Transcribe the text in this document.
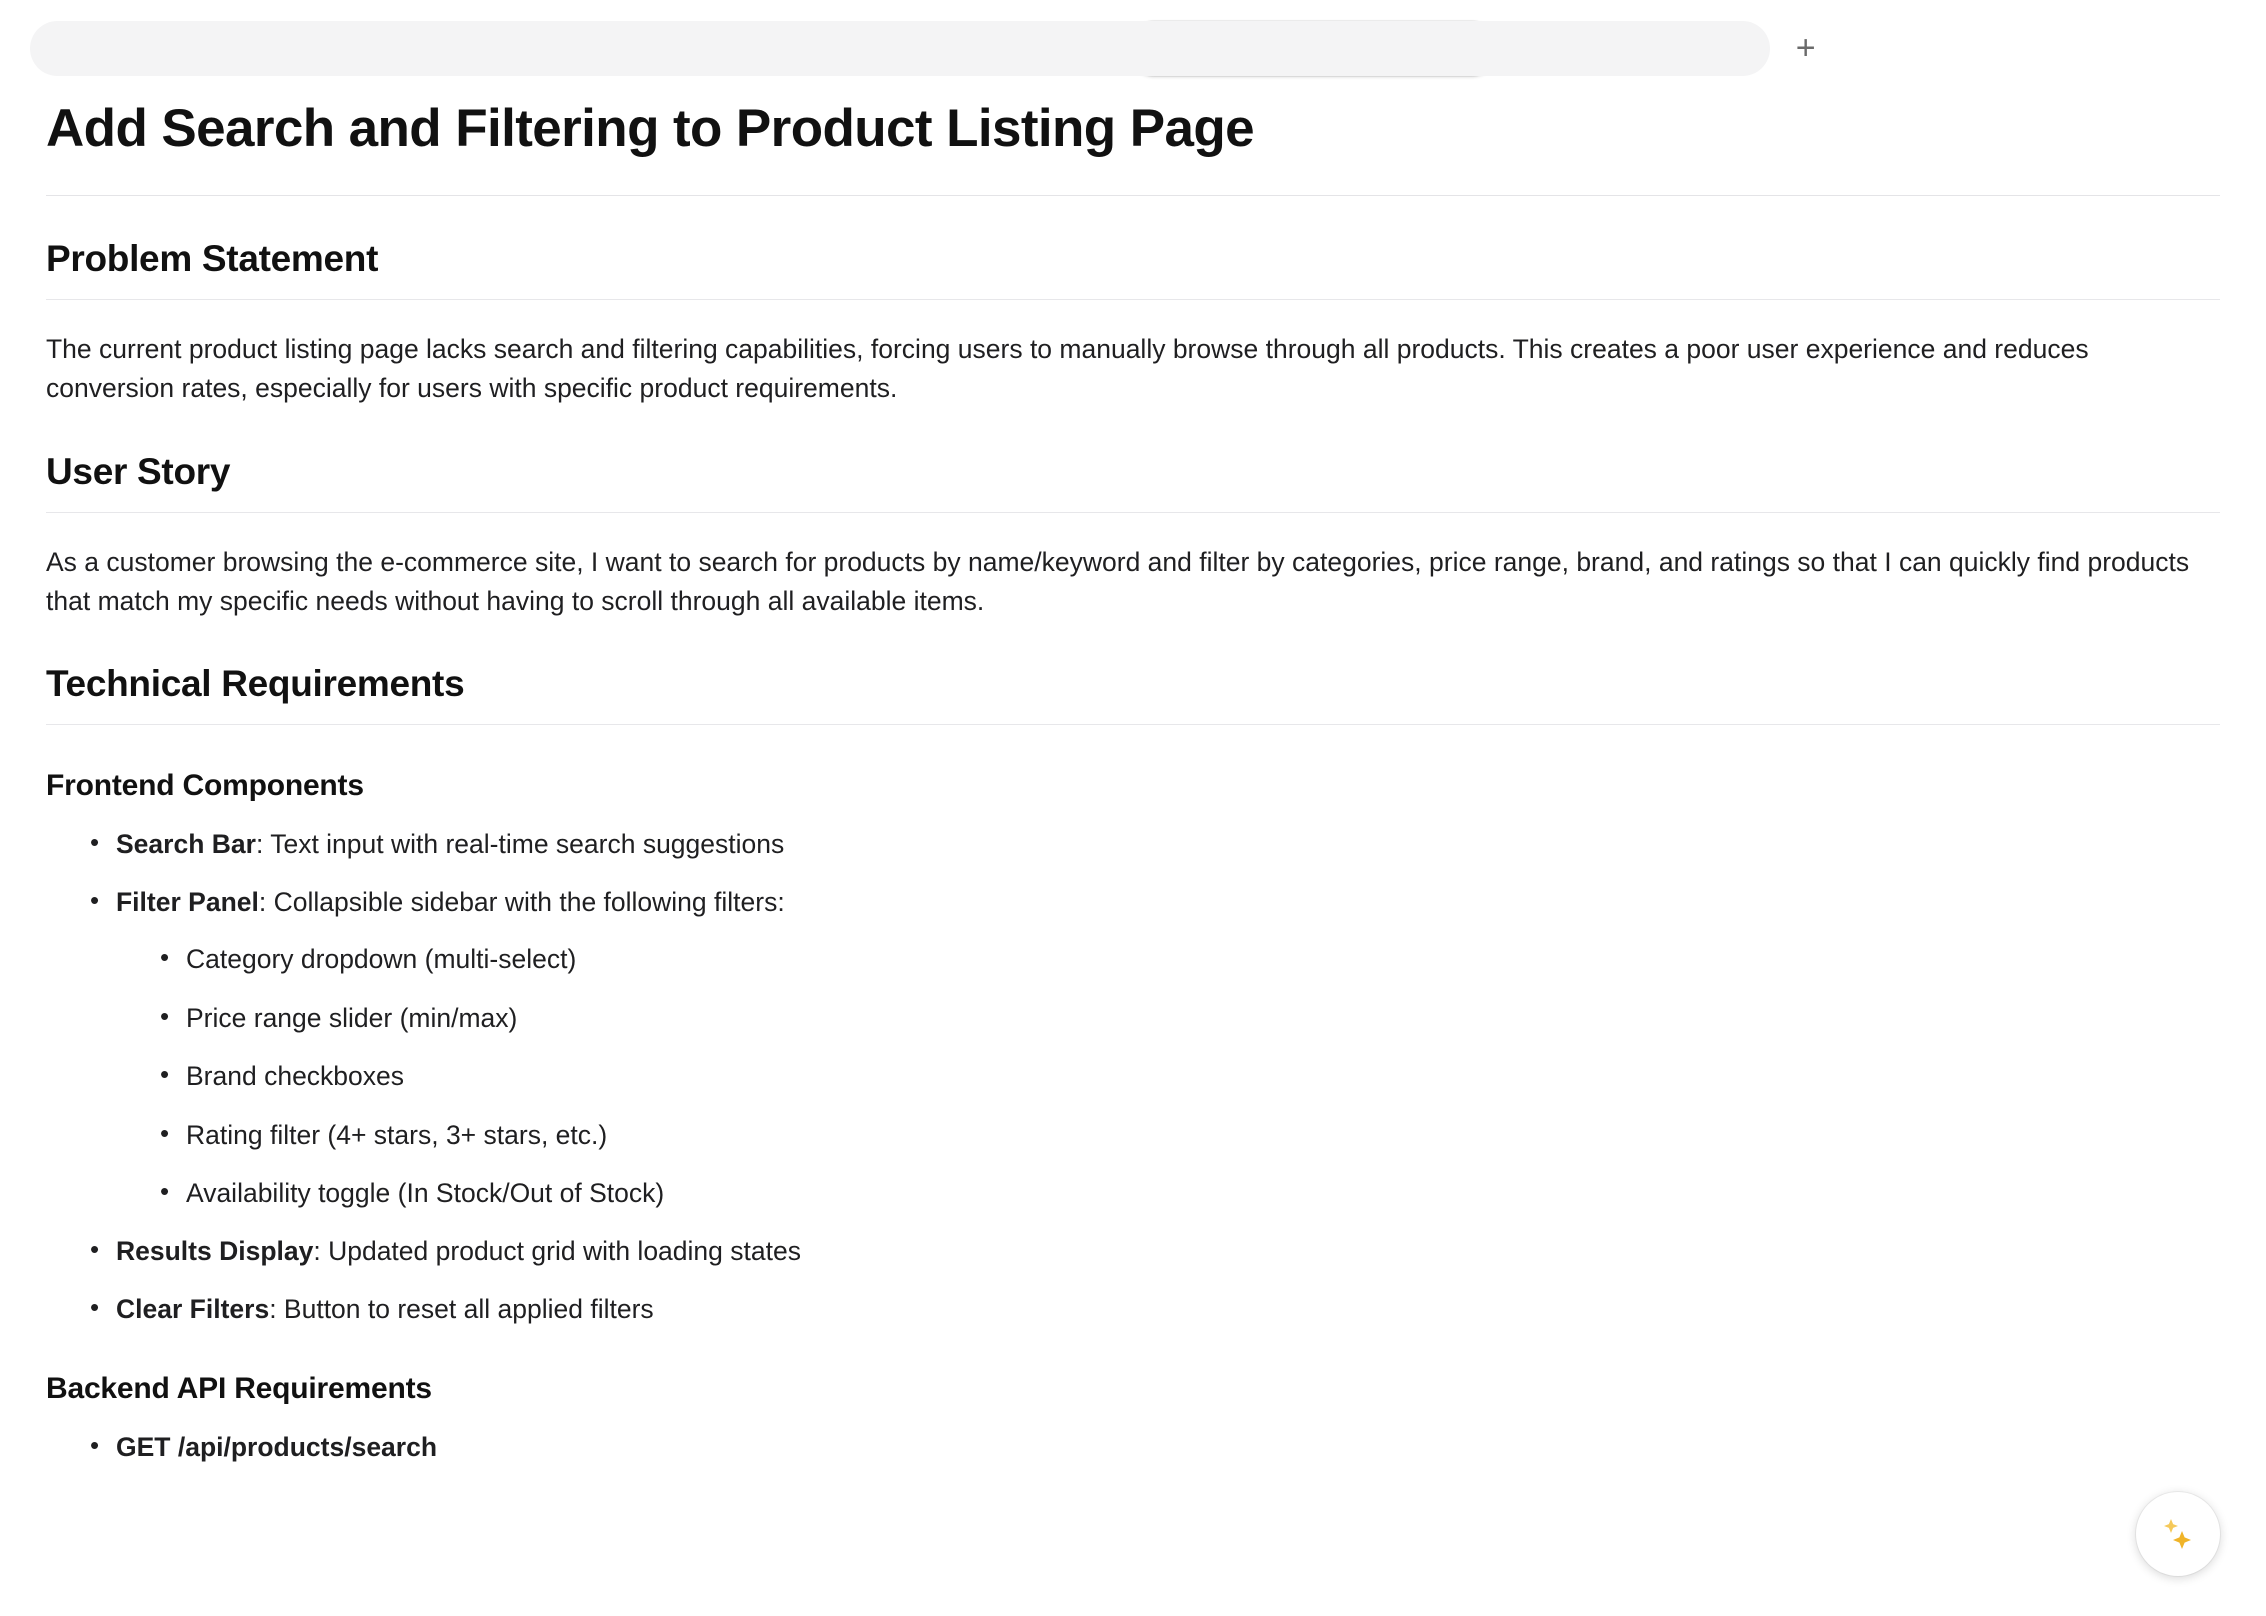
+
Add Search and Filtering to Product Listing Page
Problem Statement

The current product listing page lacks search and filtering capabilities, forcing users to manually browse through all products. This creates a poor user experience and reduces conversion rates, especially for users with specific product requirements.

User Story

As a customer browsing the e-commerce site, I want to search for products by name/keyword and filter by categories, price range, brand, and ratings so that I can quickly find products that match my specific needs without having to scroll through all available items.

Technical Requirements
Frontend Components
• Search Bar: Text input with real-time search suggestions
• Filter Panel: Collapsible sidebar with the following filters:
• Category dropdown (multi-select)
• Price range slider (min/max)
• Brand checkboxes
• Rating filter (4+ stars, 3+ stars, etc.)
• Availability toggle (In Stock/Out of Stock)
• Results Display: Updated product grid with loading states
• Clear Filters: Button to reset all applied filters
Backend API Requirements
• GET /api/products/search
